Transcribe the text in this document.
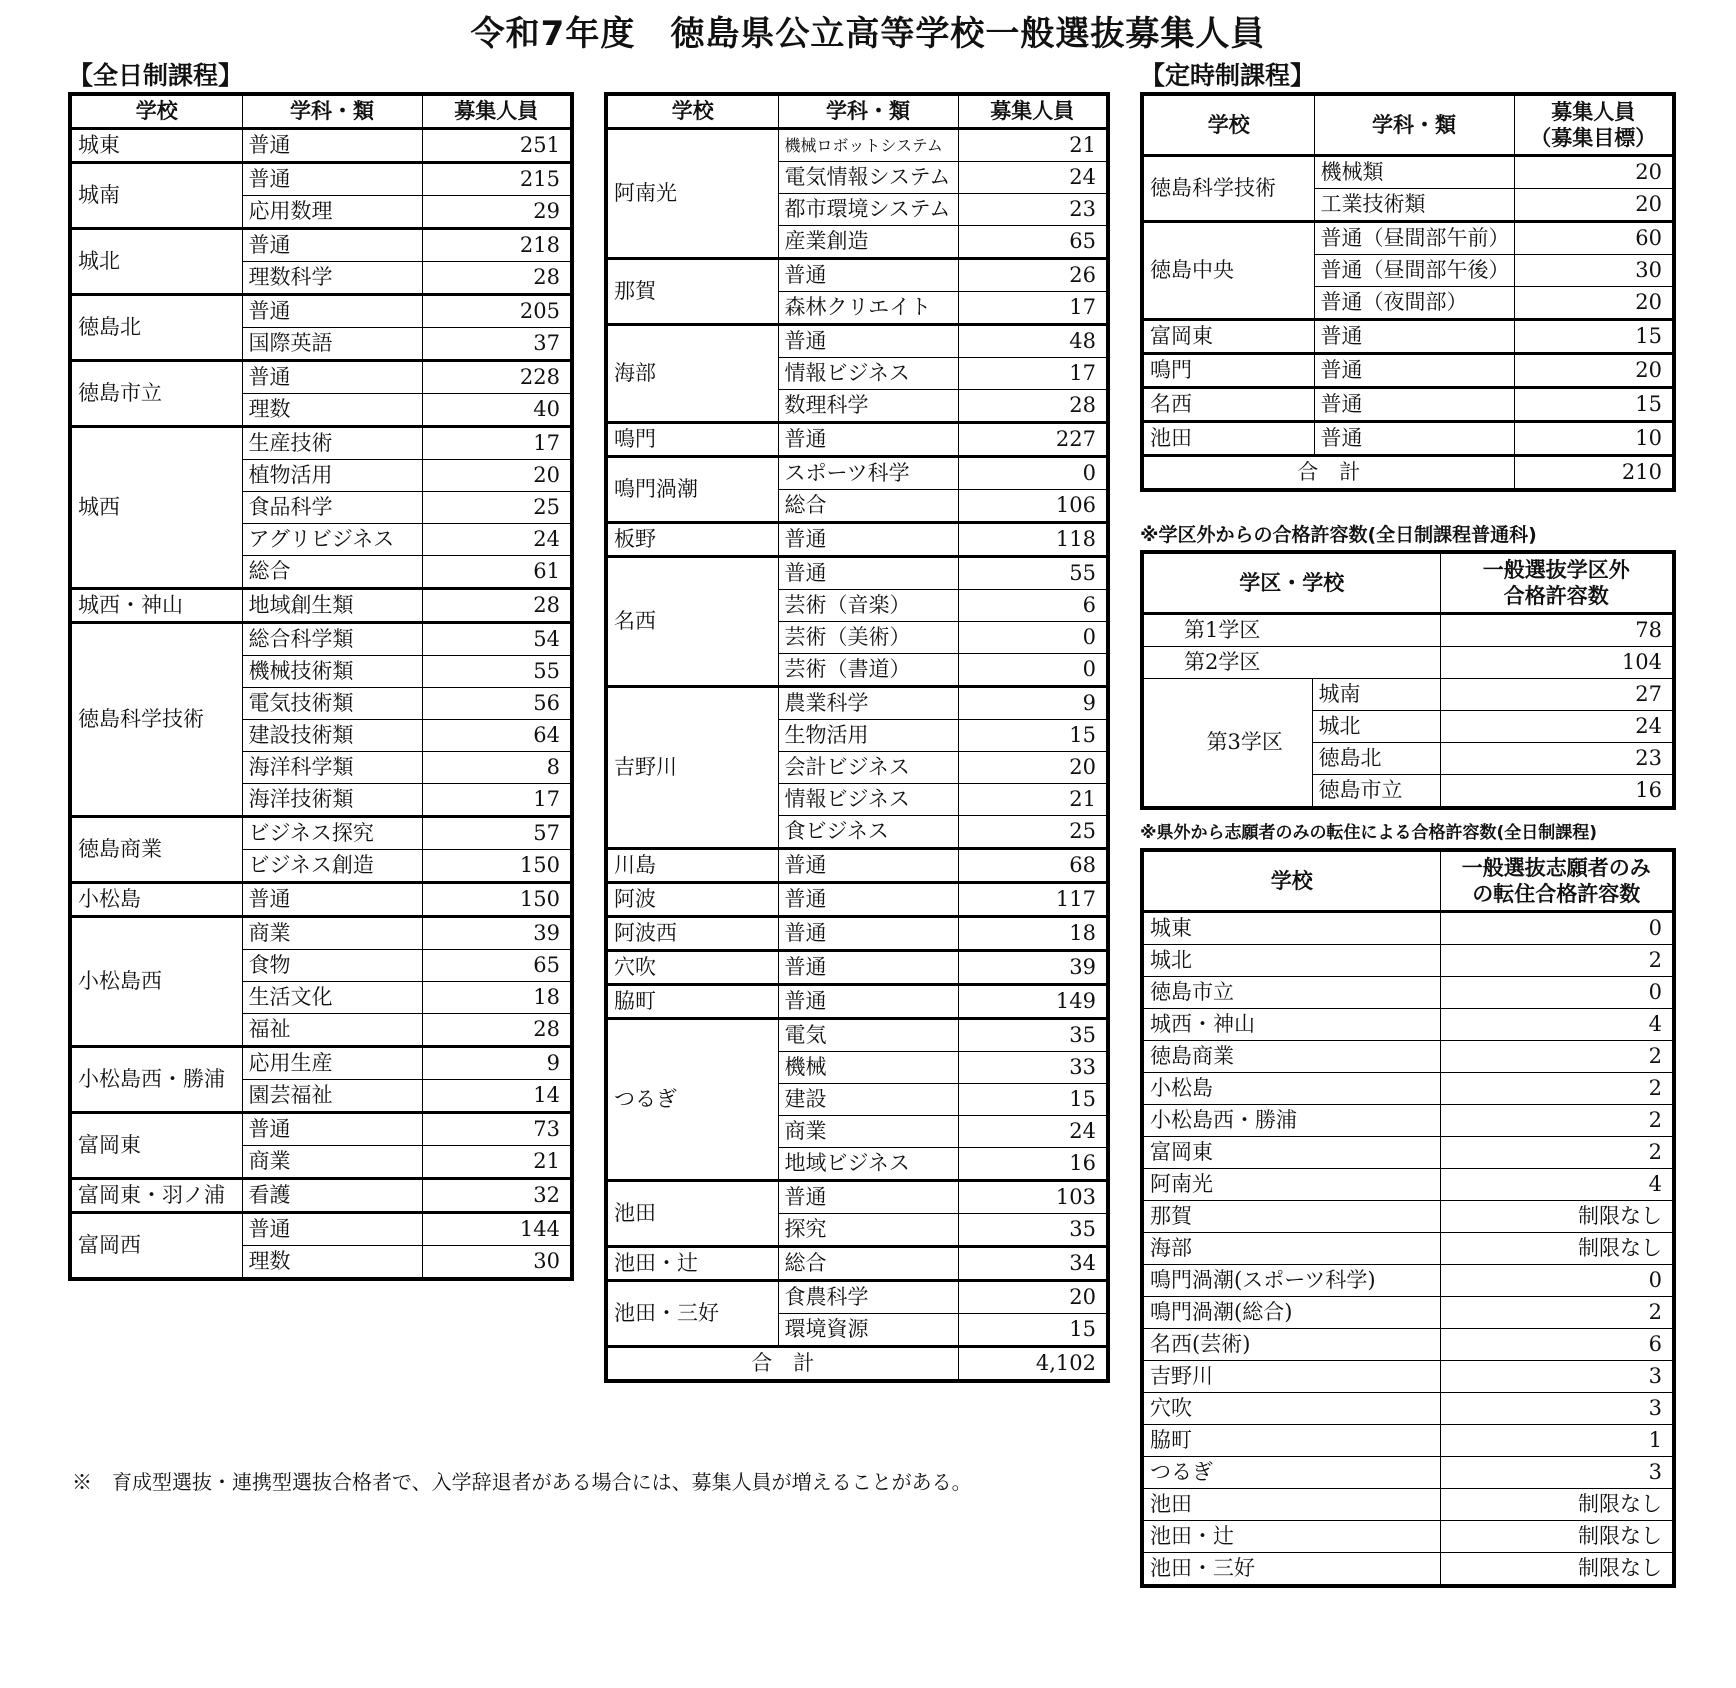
令和7年度　徳島県公立高等学校一般選抜募集人員
【全日制課程】	【定時制課程】
学校	学科・類	募集人員
城東	普通	251
城南	普通	215
	応用数理	29
城北	普通	218
	理数科学	28
徳島北	普通	205
	国際英語	37
徳島市立	普通	228
	理数	40
城西	生産技術	17
	植物活用	20
	食品科学	25
	アグリビジネス	24
	総合	61
城西・神山	地域創生類	28
徳島科学技術	総合科学類	54
	機械技術類	55
	電気技術類	56
	建設技術類	64
	海洋科学類	8
	海洋技術類	17
徳島商業	ビジネス探究	57
	ビジネス創造	150
小松島	普通	150
小松島西	商業	39
	食物	65
	生活文化	18
	福祉	28
小松島西・勝浦	応用生産	9
	園芸福祉	14
富岡東	普通	73
	商業	21
富岡東・羽ノ浦	看護	32
富岡西	普通	144
	理数	30
学校	学科・類	募集人員
阿南光	機械ロボットシステム	21
	電気情報システム	24
	都市環境システム	23
	産業創造	65
那賀	普通	26
	森林クリエイト	17
海部	普通	48
	情報ビジネス	17
	数理科学	28
鳴門	普通	227
鳴門渦潮	スポーツ科学	0
	総合	106
板野	普通	118
名西	普通	55
	芸術（音楽）	6
	芸術（美術）	0
	芸術（書道）	0
吉野川	農業科学	9
	生物活用	15
	会計ビジネス	20
	情報ビジネス	21
	食ビジネス	25
川島	普通	68
阿波	普通	117
阿波西	普通	18
穴吹	普通	39
脇町	普通	149
つるぎ	電気	35
	機械	33
	建設	15
	商業	24
	地域ビジネス	16
池田	普通	103
	探究	35
池田・辻	総合	34
池田・三好	食農科学	20
	環境資源	15
合　計		4,102
学校	学科・類	募集人員
（募集目標）
徳島科学技術	機械類	20
	工業技術類	20
徳島中央	普通（昼間部午前）	60
	普通（昼間部午後）	30
	普通（夜間部）	20
富岡東	普通	15
鳴門	普通	20
名西	普通	15
池田	普通	10
合　計		210
※学区外からの合格許容数(全日制課程普通科)
学区・学校		一般選抜学区外
合格許容数
第1学区		78
第2学区		104
第3学区	城南	27
	城北	24
	徳島北	23
	徳島市立	16
※県外から志願者のみの転住による合格許容数(全日制課程)
学校	一般選抜志願者のみ
の転住合格許容数
城東	0
城北	2
徳島市立	0
城西・神山	4
徳島商業	2
小松島	2
小松島西・勝浦	2
富岡東	2
阿南光	4
那賀	制限なし
海部	制限なし
鳴門渦潮(スポーツ科学)	0
鳴門渦潮(総合)	2
名西(芸術)	6
吉野川	3
穴吹	3
脇町	1
つるぎ	3
池田	制限なし
池田・辻	制限なし
池田・三好	制限なし
※　育成型選抜・連携型選抜合格者で、入学辞退者がある場合には、募集人員が増えることがある。
